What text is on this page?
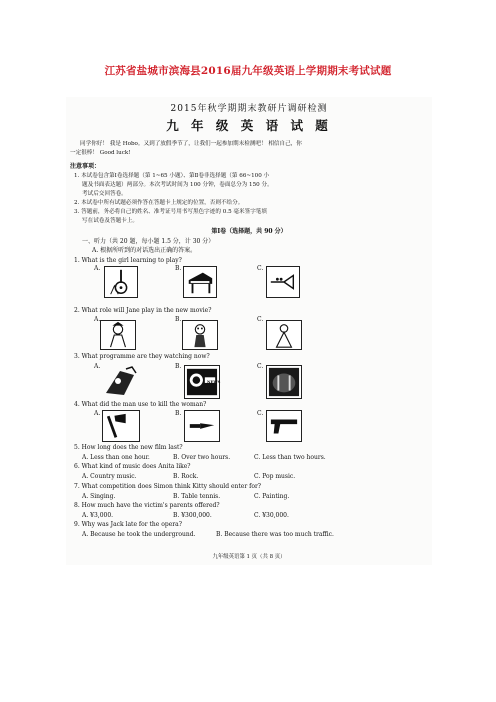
江苏省盐城市滨海县2016届九年级英语上学期期末考试试题
2015年秋学期期末教研片调研检测
九 年 级 英 语 试 题
同学你好！ 我是 Hobo。又到了放假季节了，让我们一起参加期末检测吧！ 相信自己，你
一定很棒！ Good luck!
注意事项：
1. 本试卷包含第Ⅰ卷选择题（第 1~65 小题）、第Ⅱ卷非选择题（第 66~100 小
题及书面表达题）两部分。本次考试时间为 100 分钟，卷面总分为 150 分。
考试后交回答卷。
2. 本试卷中所有试题必须作答在答题卡上规定的位置，否则不给分。
3. 答题前，务必将自己的姓名、准考证号用书写黑色字迹的 0.5 毫米签字笔填
写在试卷及答题卡上。
第Ⅰ卷（选择题，共 90 分）
一、听力（共 20 题，每小题 1.5 分，计 30 分）
A. 根据所听到的对话选出正确的答案。
1. What is the girl learning to play?
A.	B.	C.
2. What role will Jane play in the new movie?
A.	B.	C.
3. What programme are they watching now?
A.	B.	C.
NEWS
4. What did the man use to kill the woman?
A.	B.	C.
5. How long does the new film last?
A. Less than one hour.	B. Over two hours.	C. Less than two hours.
6. What kind of music does Anita like?
A. Country music.	B. Rock.	C. Pop music.
7. What competition does Simon think Kitty should enter for?
A. Singing.	B. Table tennis.	C. Painting.
8. How much have the victim's parents offered?
A. ¥3,000.	B. ¥300,000.	C. ¥30,000.
9. Why was Jack late for the opera?
A. Because he took the underground.	B. Because there was too much traffic.
九年级英语第 1 页（共 8 页）
